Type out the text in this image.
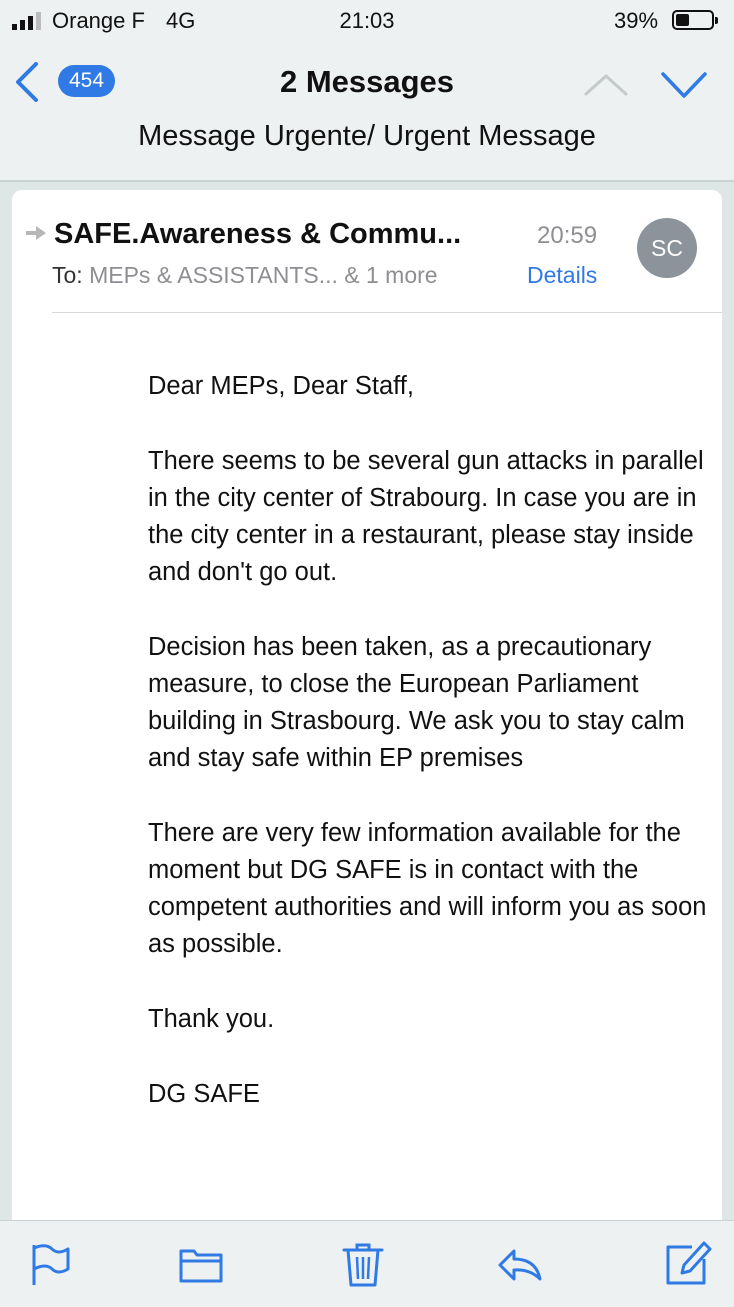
Orange F 4G	21:03	39%
454	2 Messages
Message Urgente/ Urgent Message
SAFE.Awareness & Commu...	20:59	SC
To: MEPs & ASSISTANTS... & 1 more	Details

Dear MEPs, Dear Staff,

There seems to be several gun attacks in parallel in the city center of Strabourg. In case you are in the city center in a restaurant, please stay inside and don't go out.

Decision has been taken, as a precautionary measure, to close the European Parliament building in Strasbourg. We ask you to stay calm and stay safe within EP premises

There are very few information available for the moment but DG SAFE is in contact with the competent authorities and will inform you as soon as possible.

Thank you.

DG SAFE
